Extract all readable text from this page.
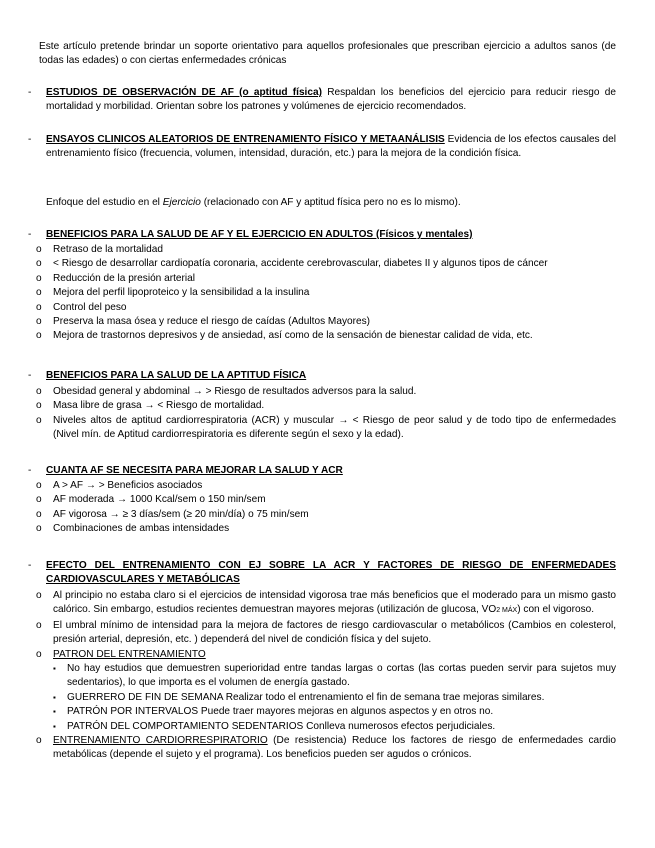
Este artículo pretende brindar un soporte orientativo para aquellos profesionales que prescriban ejercicio a adultos sanos (de todas las edades) o con ciertas enfermedades crónicas

- ESTUDIOS DE OBSERVACIÓN DE AF (o aptitud física) Respaldan los beneficios del ejercicio para reducir riesgo de mortalidad y morbilidad. Orientan sobre los patrones y volúmenes de ejercicio recomendados.

- ENSAYOS CLINICOS ALEATORIOS DE ENTRENAMIENTO FÍSICO Y METAANÁLISIS Evidencia de los efectos causales del entrenamiento físico (frecuencia, volumen, intensidad, duración, etc.) para la mejora de la condición física.

Enfoque del estudio en el Ejercicio (relacionado con AF y aptitud física pero no es lo mismo).

- BENEFICIOS PARA LA SALUD DE AF Y EL EJERCICIO EN ADULTOS (Físicos y mentales)

o Retraso de la mortalidad
o < Riesgo de desarrollar cardiopatía coronaria, accidente cerebrovascular, diabetes II y algunos tipos de cáncer
o Reducción de la presión arterial
o Mejora del perfil lipoproteico y la sensibilidad a la insulina
o Control del peso
o Preserva la masa ósea y reduce el riesgo de caídas (Adultos Mayores)
o Mejora de trastornos depresivos y de ansiedad, así como de la sensación de bienestar calidad de vida, etc.
- BENEFICIOS PARA LA SALUD DE LA APTITUD FÍSICA

o Obesidad general y abdominal → > Riesgo de resultados adversos para la salud.
o Masa libre de grasa → < Riesgo de mortalidad.
o Niveles altos de aptitud cardiorrespiratoria (ACR) y muscular → < Riesgo de peor salud y de todo tipo de enfermedades (Nivel mín. de Aptitud cardiorrespiratoria es diferente según el sexo y la edad).
- CUANTA AF SE NECESITA PARA MEJORAR LA SALUD Y ACR

o A > AF → > Beneficios asociados
o AF moderada → 1000 Kcal/sem o 150 min/sem
o AF vigorosa → ≥ 3 días/sem (≥ 20 min/día) o 75 min/sem
o Combinaciones de ambas intensidades
- EFECTO DEL ENTRENAMIENTO CON EJ SOBRE LA ACR Y FACTORES DE RIESGO DE ENFERMEDADES CARDIOVASCULARES Y METABÓLICAS

o Al principio no estaba claro si el ejercicios de intensidad vigorosa trae más beneficios que el moderado para un mismo gasto calórico. Sin embargo, estudios recientes demuestran mayores mejoras (utilización de glucosa, VO2 MÁX) con el vigoroso.
o El umbral mínimo de intensidad para la mejora de factores de riesgo cardiovascular o metabólicos (Cambios en colesterol, presión arterial, depresión, etc. ) dependerá del nivel de condición física y del sujeto.
o PATRON DEL ENTRENAMIENTO
▪ No hay estudios que demuestren superioridad entre tandas largas o cortas (las cortas pueden servir para sujetos muy sedentarios), lo que importa es el volumen de energía gastado.
▪ GUERRERO DE FIN DE SEMANA Realizar todo el entrenamiento el fin de semana trae mejoras similares.
▪ PATRÓN POR INTERVALOS Puede traer mayores mejoras en algunos aspectos y en otros no.
▪ PATRÓN DEL COMPORTAMIENTO SEDENTARIOS Conlleva numerosos efectos perjudiciales.
o ENTRENAMIENTO CARDIORRESPIRATORIO (De resistencia) Reduce los factores de riesgo de enfermedades cardio metabólicas (depende el sujeto y el programa). Los beneficios pueden ser agudos o crónicos.
